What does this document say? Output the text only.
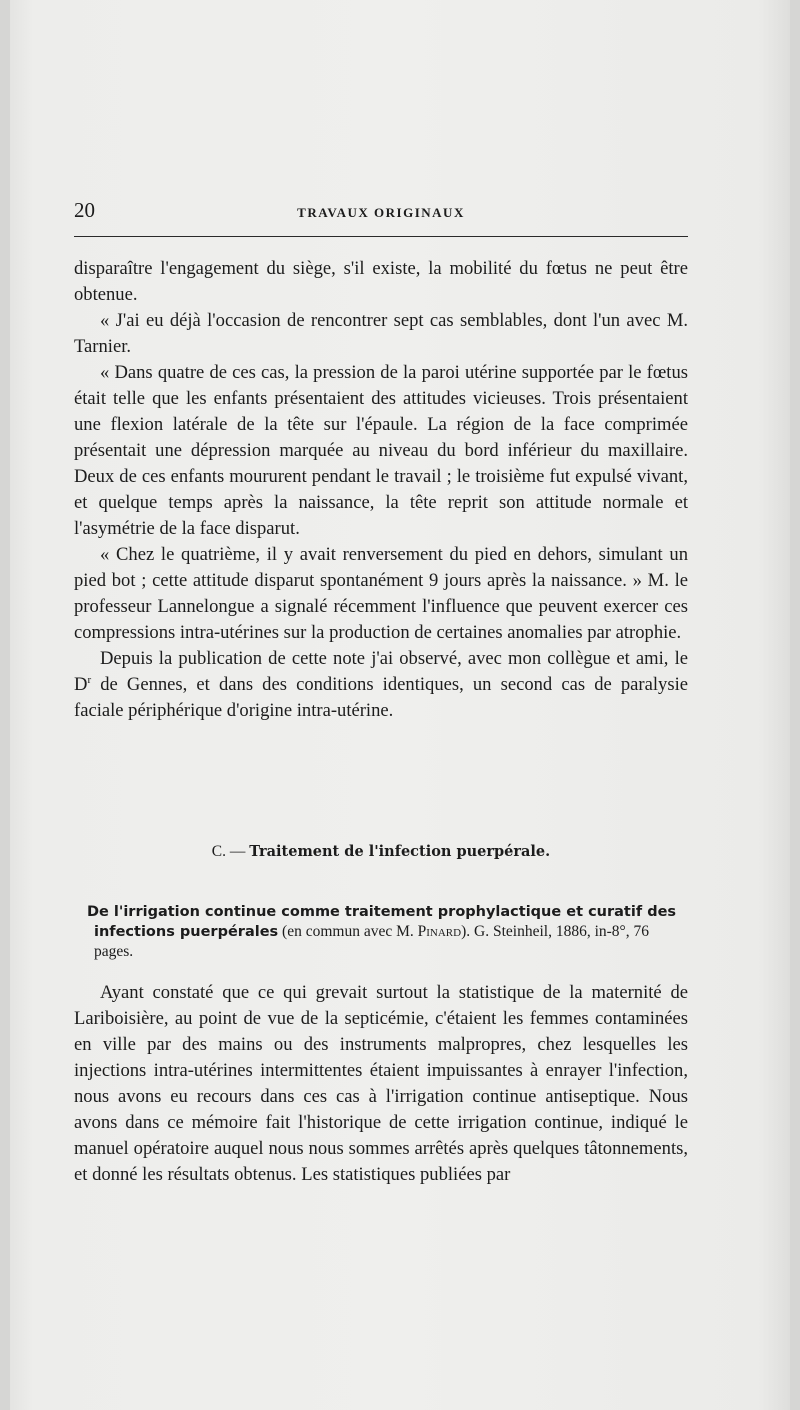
20	TRAVAUX ORIGINAUX

disparaître l'engagement du siège, s'il existe, la mobilité du fœtus ne peut être obtenue.

« J'ai eu déjà l'occasion de rencontrer sept cas semblables, dont l'un avec M. Tarnier.

« Dans quatre de ces cas, la pression de la paroi utérine supportée par le fœtus était telle que les enfants présentaient des attitudes vicieuses. Trois présentaient une flexion latérale de la tête sur l'épaule. La région de la face comprimée présentait une dépression marquée au niveau du bord inférieur du maxillaire. Deux de ces enfants moururent pendant le travail ; le troisième fut expulsé vivant, et quelque temps après la naissance, la tête reprit son attitude normale et l'asymétrie de la face disparut.

« Chez le quatrième, il y avait renversement du pied en dehors, simulant un pied bot ; cette attitude disparut spontanément 9 jours après la naissance. » M. le professeur Lannelongue a signalé récemment l'influence que peuvent exercer ces compressions intra-utérines sur la production de certaines anomalies par atrophie.

Depuis la publication de cette note j'ai observé, avec mon collègue et ami, le $D^r$ de Gennes, et dans des conditions identiques, un second cas de paralysie faciale périphérique d'origine intra-utérine.

C. — Traitement de l'infection puerpérale.
De l'irrigation continue comme traitement prophylactique et curatif des infections puerpérales (en commun avec M. Pinard). G. Steinheil, 1886, in-8°, 76 pages.

Ayant constaté que ce qui grevait surtout la statistique de la maternité de Lariboisière, au point de vue de la septicémie, c'étaient les femmes contaminées en ville par des mains ou des instruments malpropres, chez lesquelles les injections intra-utérines intermittentes étaient impuissantes à enrayer l'infection, nous avons eu recours dans ces cas à l'irrigation continue antiseptique. Nous avons dans ce mémoire fait l'historique de cette irrigation continue, indiqué le manuel opératoire auquel nous nous sommes arrêtés après quelques tâtonnements, et donné les résultats obtenus. Les statistiques publiées par
